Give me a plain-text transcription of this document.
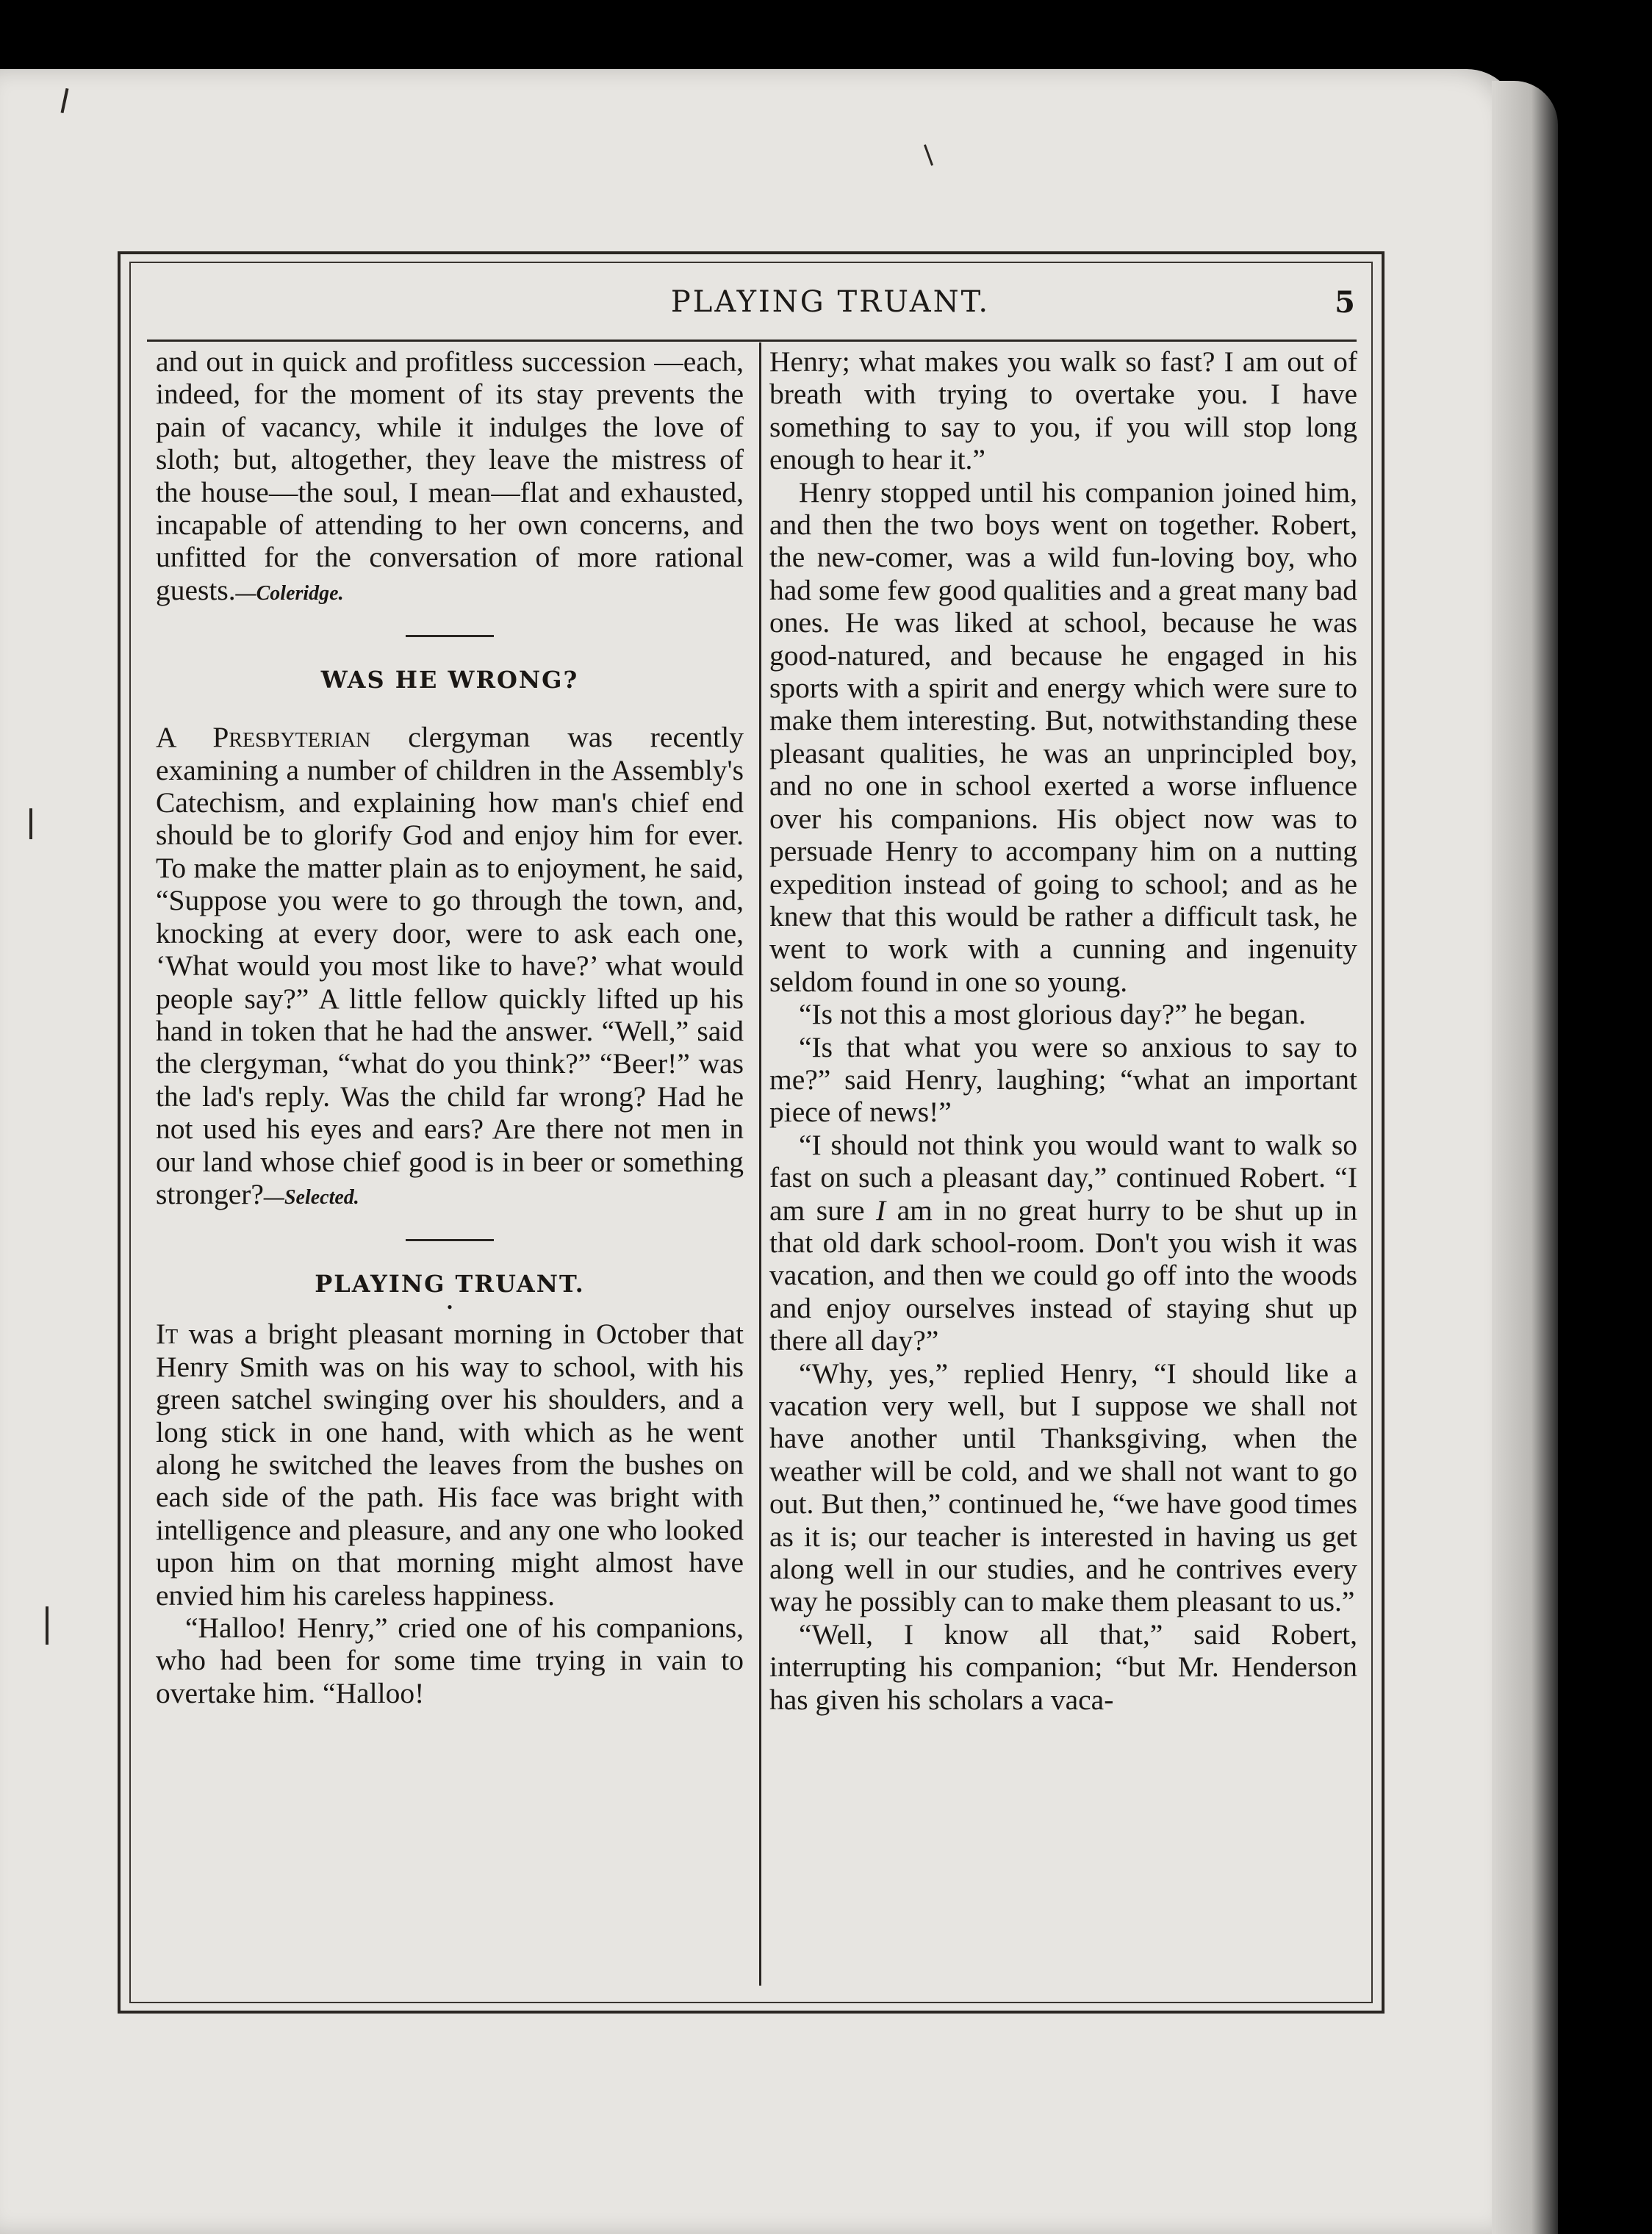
PLAYING TRUANT.	5

and out in quick and profitless succession —each, indeed, for the moment of its stay prevents the pain of vacancy, while it indulges the love of sloth; but, altogether, they leave the mistress of the house—the soul, I mean—flat and exhausted, incapable of attending to her own concerns, and unfitted for the conversation of more rational guests.—Coleridge.

WAS HE WRONG?

A Presbyterian clergyman was recently examining a number of children in the Assembly's Catechism, and explaining how man's chief end should be to glorify God and enjoy him for ever. To make the matter plain as to enjoyment, he said, “Suppose you were to go through the town, and, knocking at every door, were to ask each one, ‘What would you most like to have?’ what would people say?” A little fellow quickly lifted up his hand in token that he had the answer. “Well,” said the clergyman, “what do you think?” “Beer!” was the lad's reply. Was the child far wrong? Had he not used his eyes and ears? Are there not men in our land whose chief good is in beer or something stronger?—Selected.

PLAYING TRUANT.
•

It was a bright pleasant morning in October that Henry Smith was on his way to school, with his green satchel swinging over his shoulders, and a long stick in one hand, with which as he went along he switched the leaves from the bushes on each side of the path. His face was bright with intelligence and pleasure, and any one who looked upon him on that morning might almost have envied him his careless happiness.

“Halloo! Henry,” cried one of his companions, who had been for some time trying in vain to overtake him. “Halloo!

Henry; what makes you walk so fast? I am out of breath with trying to overtake you. I have something to say to you, if you will stop long enough to hear it.”

Henry stopped until his companion joined him, and then the two boys went on together. Robert, the new-comer, was a wild fun-loving boy, who had some few good qualities and a great many bad ones. He was liked at school, because he was good-natured, and because he engaged in his sports with a spirit and energy which were sure to make them interesting. But, notwithstanding these pleasant qualities, he was an unprincipled boy, and no one in school exerted a worse influence over his companions. His object now was to persuade Henry to accompany him on a nutting expedition instead of going to school; and as he knew that this would be rather a difficult task, he went to work with a cunning and ingenuity seldom found in one so young.

“Is not this a most glorious day?” he began.

“Is that what you were so anxious to say to me?” said Henry, laughing; “what an important piece of news!”

“I should not think you would want to walk so fast on such a pleasant day,” continued Robert. “I am sure I am in no great hurry to be shut up in that old dark school-room. Don't you wish it was vacation, and then we could go off into the woods and enjoy ourselves instead of staying shut up there all day?”

“Why, yes,” replied Henry, “I should like a vacation very well, but I suppose we shall not have another until Thanksgiving, when the weather will be cold, and we shall not want to go out. But then,” continued he, “we have good times as it is; our teacher is interested in having us get along well in our studies, and he contrives every way he possibly can to make them pleasant to us.”

“Well, I know all that,” said Robert, interrupting his companion; “but Mr. Henderson has given his scholars a vaca-
